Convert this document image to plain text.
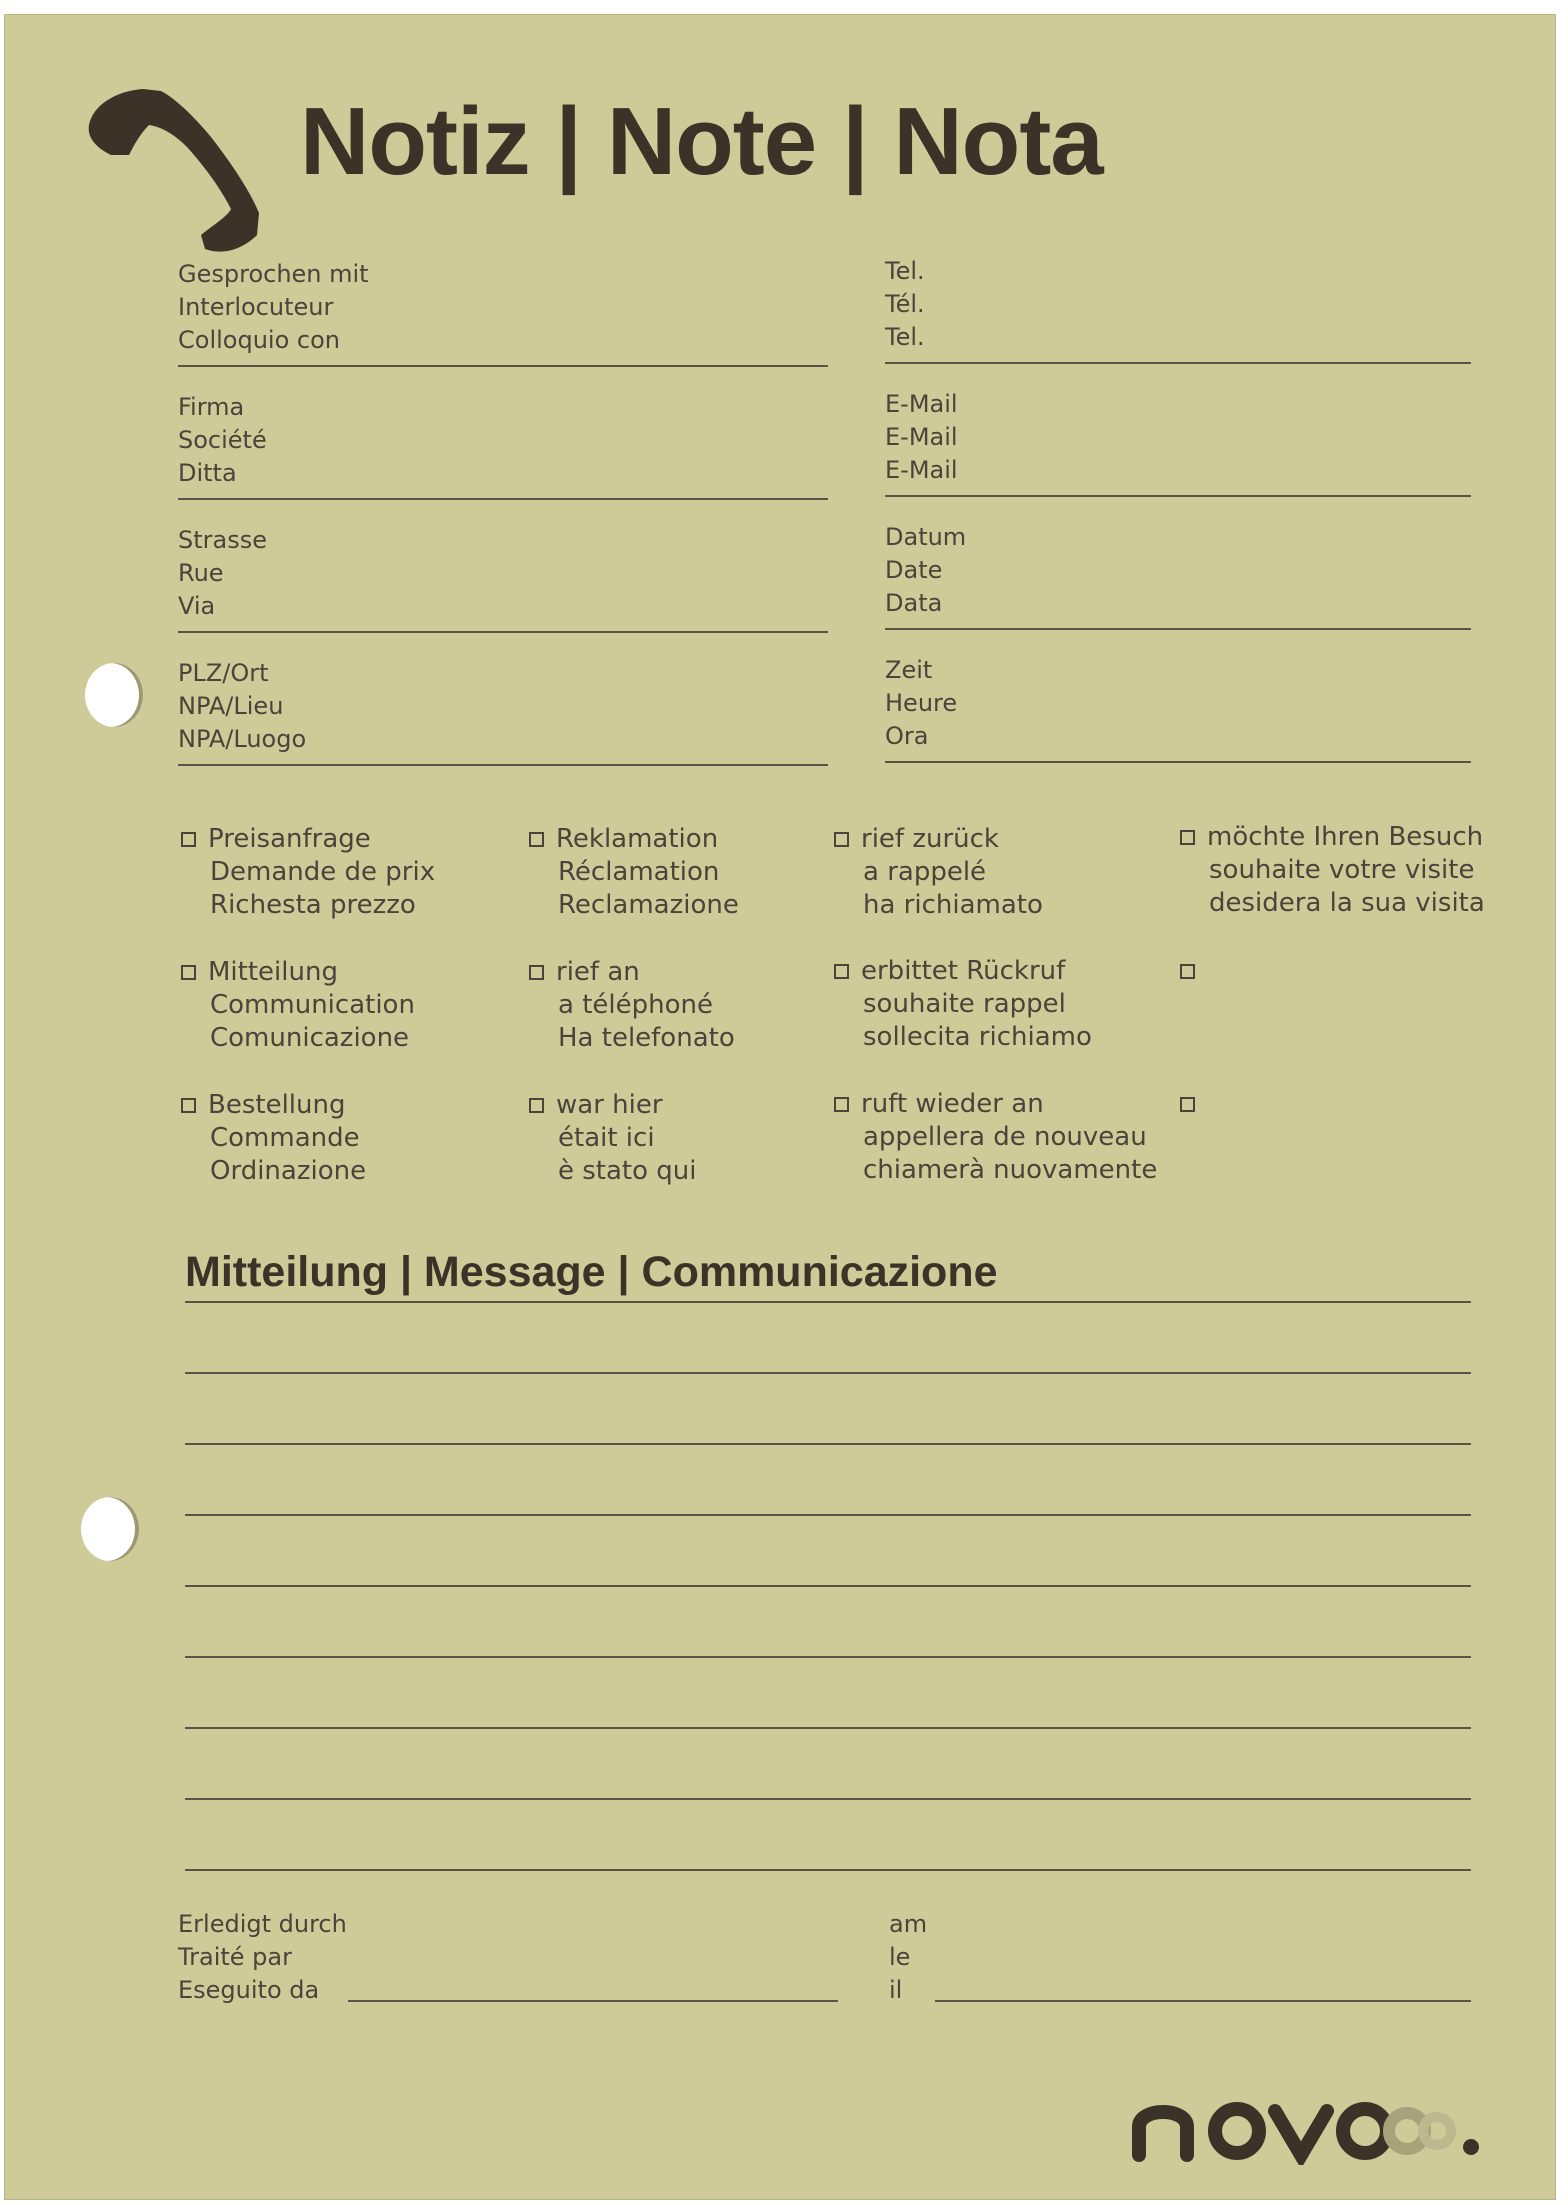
Notiz | Note | Nota
Gesprochen mit
Interlocuteur
Colloquio con
Firma
Société
Ditta
Strasse
Rue
Via
PLZ/Ort
NPA/Lieu
NPA/Luogo
Tel.
Tél.
Tel.
E-Mail
E-Mail
E-Mail
Datum
Date
Data
Zeit
Heure
Ora
Preisanfrage
Demande de prix
Richesta prezzo
Reklamation
Réclamation
Reclamazione
rief zurück
a rappelé
ha richiamato
möchte Ihren Besuch
souhaite votre visite
desidera la sua visita
Mitteilung
Communication
Comunicazione
rief an
a téléphoné
Ha telefonato
erbittet Rückruf
souhaite rappel
sollecita richiamo
Bestellung
Commande
Ordinazione
war hier
était ici
è stato qui
ruft wieder an
appellera de nouveau
chiamerà nuovamente
Mitteilung | Message | Communicazione
Erledigt durch
Traité par
Eseguito da
am
le
il
